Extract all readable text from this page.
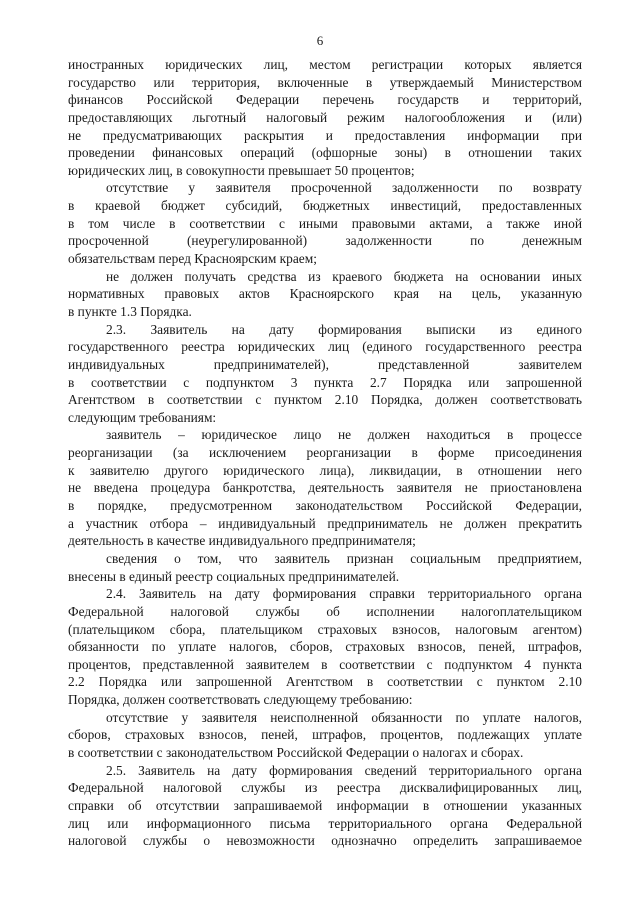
6
иностранных юридических лиц, местом регистрации которых является
государство или территория, включенные в утверждаемый Министерством
финансов Российской Федерации перечень государств и территорий,
предоставляющих льготный налоговый режим налогообложения и (или)
не предусматривающих раскрытия и предоставления информации при
проведении финансовых операций (офшорные зоны) в отношении таких
юридических лиц, в совокупности превышает 50 процентов;
отсутствие у заявителя просроченной задолженности по возврату
в краевой бюджет субсидий, бюджетных инвестиций, предоставленных
в том числе в соответствии с иными правовыми актами, а также иной
просроченной (неурегулированной) задолженности по денежным
обязательствам перед Красноярским краем;
не должен получать средства из краевого бюджета на основании иных
нормативных правовых актов Красноярского края на цель, указанную
в пункте 1.3 Порядка.
2.3. Заявитель на дату формирования выписки из единого
государственного реестра юридических лиц (единого государственного реестра
индивидуальных предпринимателей), представленной заявителем
в соответствии с подпунктом 3 пункта 2.7 Порядка или запрошенной
Агентством в соответствии с пунктом 2.10 Порядка, должен соответствовать
следующим требованиям:
заявитель – юридическое лицо не должен находиться в процессе
реорганизации (за исключением реорганизации в форме присоединения
к заявителю другого юридического лица), ликвидации, в отношении него
не введена процедура банкротства, деятельность заявителя не приостановлена
в порядке, предусмотренном законодательством Российской Федерации,
а участник отбора – индивидуальный предприниматель не должен прекратить
деятельность в качестве индивидуального предпринимателя;
сведения о том, что заявитель признан социальным предприятием,
внесены в единый реестр социальных предпринимателей.
2.4. Заявитель на дату формирования справки территориального органа
Федеральной налоговой службы об исполнении налогоплательщиком
(плательщиком сбора, плательщиком страховых взносов, налоговым агентом)
обязанности по уплате налогов, сборов, страховых взносов, пеней, штрафов,
процентов, представленной заявителем в соответствии с подпунктом 4 пункта
2.2 Порядка или запрошенной Агентством в соответствии с пунктом 2.10
Порядка, должен соответствовать следующему требованию:
отсутствие у заявителя неисполненной обязанности по уплате налогов,
сборов, страховых взносов, пеней, штрафов, процентов, подлежащих уплате
в соответствии с законодательством Российской Федерации о налогах и сборах.
2.5. Заявитель на дату формирования сведений территориального органа
Федеральной налоговой службы из реестра дисквалифицированных лиц,
справки об отсутствии запрашиваемой информации в отношении указанных
лиц или информационного письма территориального органа Федеральной
налоговой службы о невозможности однозначно определить запрашиваемое
